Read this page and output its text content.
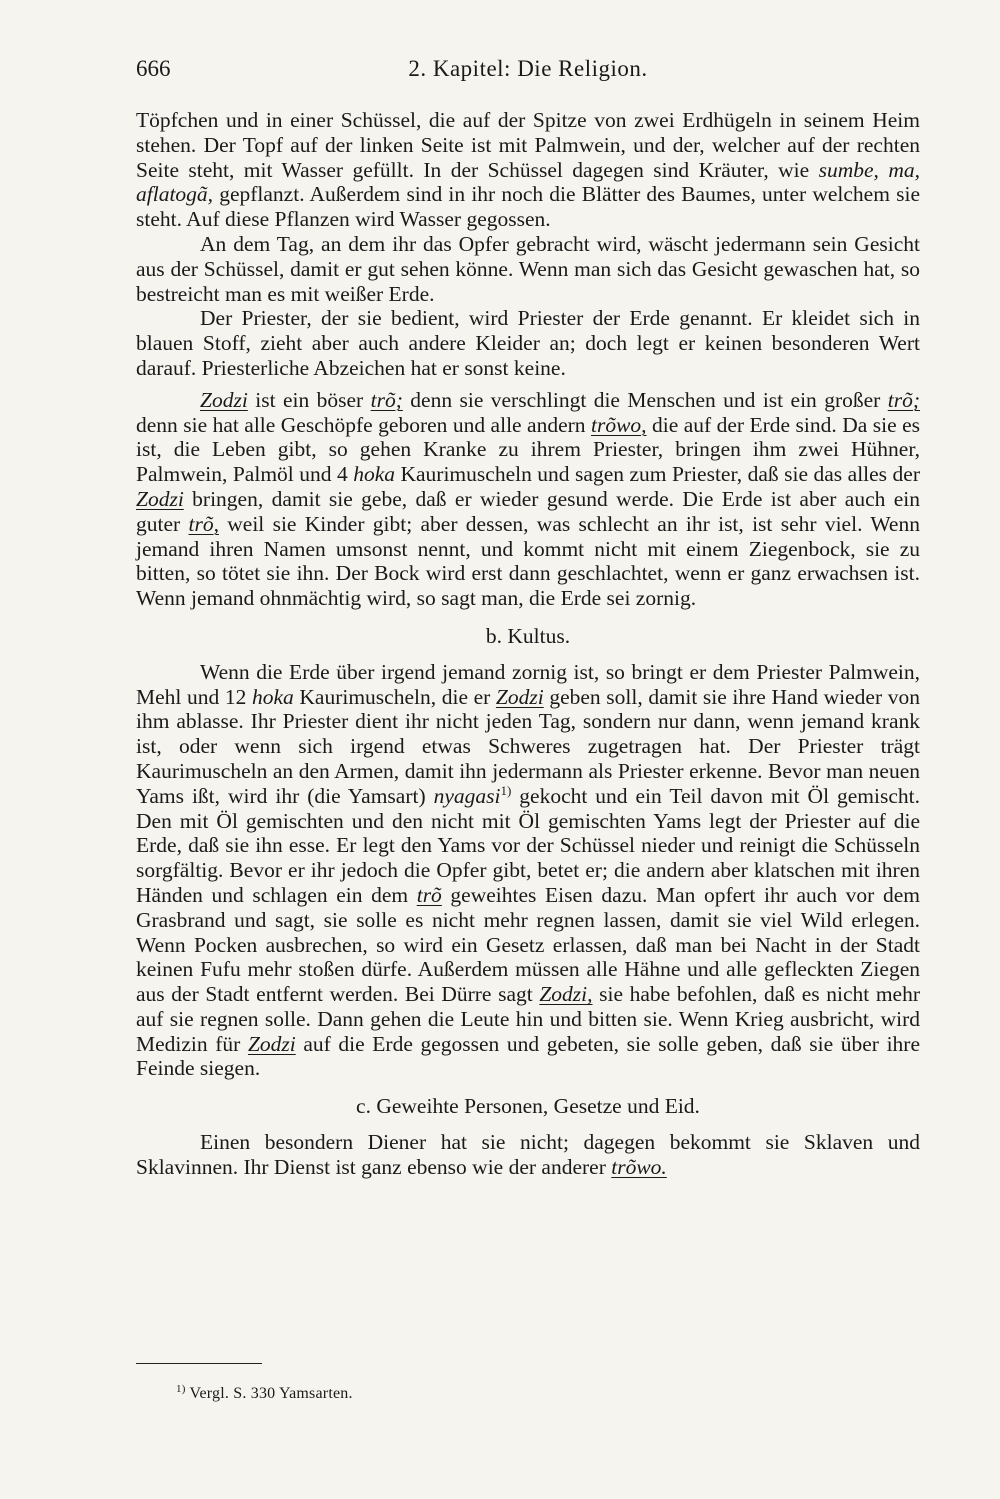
666	2. Kapitel: Die Religion.

Töpfchen und in einer Schüssel, die auf der Spitze von zwei Erdhügeln in seinem Heim stehen. Der Topf auf der linken Seite ist mit Palmwein, und der, welcher auf der rechten Seite steht, mit Wasser gefüllt. In der Schüssel dagegen sind Kräuter, wie sumbe, ma, aflatogã, gepflanzt. Außerdem sind in ihr noch die Blätter des Baumes, unter welchem sie steht. Auf diese Pflanzen wird Wasser gegossen.

An dem Tag, an dem ihr das Opfer gebracht wird, wäscht jedermann sein Gesicht aus der Schüssel, damit er gut sehen könne. Wenn man sich das Gesicht gewaschen hat, so bestreicht man es mit weißer Erde.

Der Priester, der sie bedient, wird Priester der Erde genannt. Er kleidet sich in blauen Stoff, zieht aber auch andere Kleider an; doch legt er keinen besonderen Wert darauf. Priesterliche Abzeichen hat er sonst keine.

Zodzi ist ein böser trõ; denn sie verschlingt die Menschen und ist ein großer trõ; denn sie hat alle Geschöpfe geboren und alle andern trõwo, die auf der Erde sind. Da sie es ist, die Leben gibt, so gehen Kranke zu ihrem Priester, bringen ihm zwei Hühner, Palmwein, Palmöl und 4 hoka Kaurimuscheln und sagen zum Priester, daß sie das alles der Zodzi bringen, damit sie gebe, daß er wieder gesund werde. Die Erde ist aber auch ein guter trõ, weil sie Kinder gibt; aber dessen, was schlecht an ihr ist, ist sehr viel. Wenn jemand ihren Namen umsonst nennt, und kommt nicht mit einem Ziegenbock, sie zu bitten, so tötet sie ihn. Der Bock wird erst dann geschlachtet, wenn er ganz erwachsen ist. Wenn jemand ohnmächtig wird, so sagt man, die Erde sei zornig.

b. Kultus.

Wenn die Erde über irgend jemand zornig ist, so bringt er dem Priester Palmwein, Mehl und 12 hoka Kaurimuscheln, die er Zodzi geben soll, damit sie ihre Hand wieder von ihm ablasse. Ihr Priester dient ihr nicht jeden Tag, sondern nur dann, wenn jemand krank ist, oder wenn sich irgend etwas Schweres zugetragen hat. Der Priester trägt Kaurimuscheln an den Armen, damit ihn jedermann als Priester erkenne. Bevor man neuen Yams ißt, wird ihr (die Yamsart) nyagasi$^{1)}$ gekocht und ein Teil davon mit Öl gemischt. Den mit Öl gemischten und den nicht mit Öl gemischten Yams legt der Priester auf die Erde, daß sie ihn esse. Er legt den Yams vor der Schüssel nieder und reinigt die Schüsseln sorgfältig. Bevor er ihr jedoch die Opfer gibt, betet er; die andern aber klatschen mit ihren Händen und schlagen ein dem trõ geweihtes Eisen dazu. Man opfert ihr auch vor dem Grasbrand und sagt, sie solle es nicht mehr regnen lassen, damit sie viel Wild erlegen. Wenn Pocken ausbrechen, so wird ein Gesetz erlassen, daß man bei Nacht in der Stadt keinen Fufu mehr stoßen dürfe. Außerdem müssen alle Hähne und alle gefleckten Ziegen aus der Stadt entfernt werden. Bei Dürre sagt Zodzi, sie habe befohlen, daß es nicht mehr auf sie regnen solle. Dann gehen die Leute hin und bitten sie. Wenn Krieg ausbricht, wird Medizin für Zodzi auf die Erde gegossen und gebeten, sie solle geben, daß sie über ihre Feinde siegen.

c. Geweihte Personen, Gesetze und Eid.

Einen besondern Diener hat sie nicht; dagegen bekommt sie Sklaven und Sklavinnen. Ihr Dienst ist ganz ebenso wie der anderer trõwo.

$^{1)}$ Vergl. S. 330 Yamsarten.
